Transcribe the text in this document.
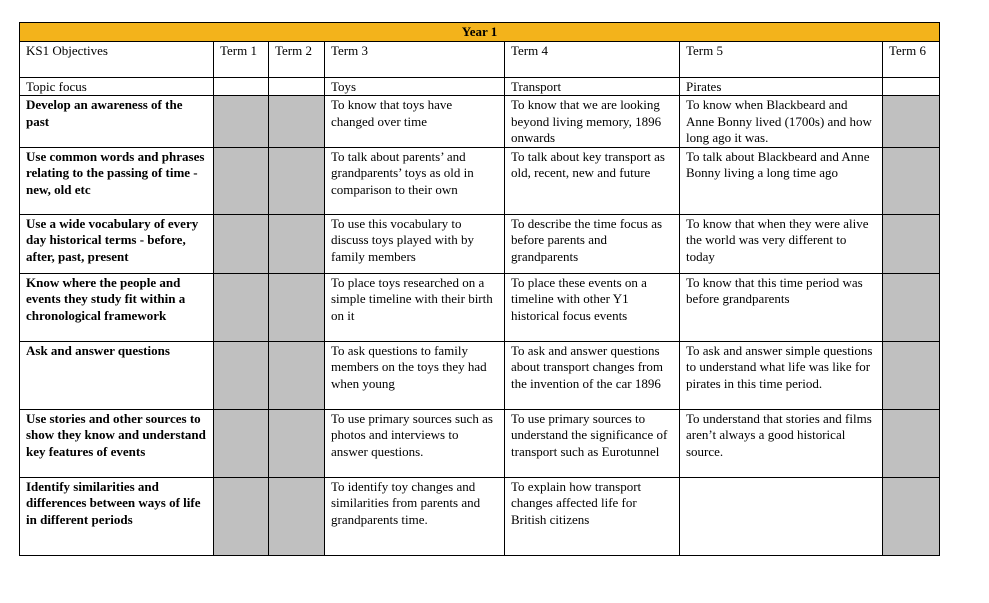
Year 1						
KS1 Objectives	Term 1	Term 2	Term 3	Term 4	Term 5	Term 6
Topic focus			Toys	Transport	Pirates	
Develop an awareness of the past			To know that toys have changed over time	To know that we are looking beyond living memory, 1896 onwards	To know when Blackbeard and Anne Bonny lived (1700s) and how long ago it was.	
Use common words and phrases relating to the passing of time - new, old etc			To talk about parents’ and grandparents’ toys as old in comparison to their own	To talk about key transport as old, recent, new and future	To talk about Blackbeard and Anne Bonny living a long time ago	
Use a wide vocabulary of every day historical terms - before, after, past, present			To use this vocabulary to discuss toys played with by family members	To describe the time focus as before parents and grandparents	To know that when they were alive the world was very different to today	
Know where the people and events they study fit within a chronological framework			To place toys researched on a simple timeline with their birth on it	To place these events on a timeline with other Y1 historical focus events	To know that this time period was before grandparents	
Ask and answer questions			To ask questions to family members on the toys they had when young	To ask and answer questions about transport changes from the invention of the car 1896	To ask and answer simple questions to understand what life was like for pirates in this time period.	
Use stories and other sources to show they know and understand key features of events			To use primary sources such as photos and interviews to answer questions.	To use primary sources to understand the significance of transport such as Eurotunnel	To understand that stories and films aren’t always a good historical source.	
Identify similarities and differences between ways of life in different periods			To identify toy changes and similarities from parents and grandparents time.	To explain how transport changes affected life for British citizens		
